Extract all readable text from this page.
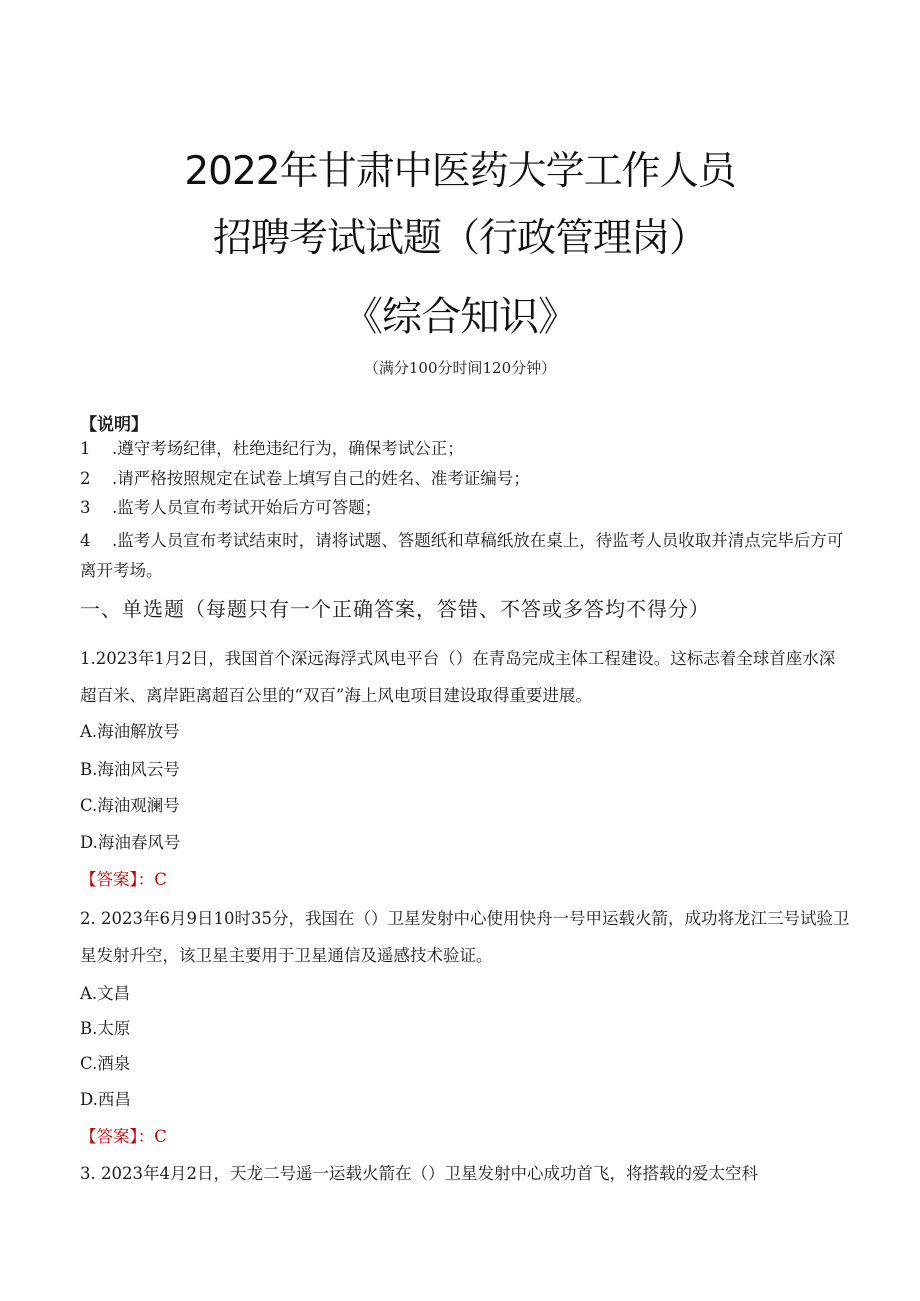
2022年甘肃中医药大学工作人员
招聘考试试题（行政管理岗）
《综合知识》
（满分100分时间120分钟）
【说明】
1 .遵守考场纪律，杜绝违纪行为，确保考试公正；
2 .请严格按照规定在试卷上填写自己的姓名、准考证编号；
3 .监考人员宣布考试开始后方可答题；
4 .监考人员宣布考试结束时，请将试题、答题纸和草稿纸放在桌上，待监考人员收取并清点完毕后方可离开考场。
一、单选题（每题只有一个正确答案，答错、不答或多答均不得分）
1.2023年1月2日，我国首个深远海浮式风电平台（）在青岛完成主体工程建设。这标志着全球首座水深超百米、离岸距离超百公里的“双百”海上风电项目建设取得重要进展。
A.海油解放号
B.海油风云号
C.海油观澜号
D.海油春风号
【答案】：C
2. 2023年6月9日10时35分，我国在（）卫星发射中心使用快舟一号甲运载火箭，成功将龙江三号试验卫星发射升空，该卫星主要用于卫星通信及遥感技术验证。
A.文昌
B.太原
C.酒泉
D.西昌
【答案】：C
3. 2023年4月2日，天龙二号遥一运载火箭在（）卫星发射中心成功首飞，将搭载的爱太空科
